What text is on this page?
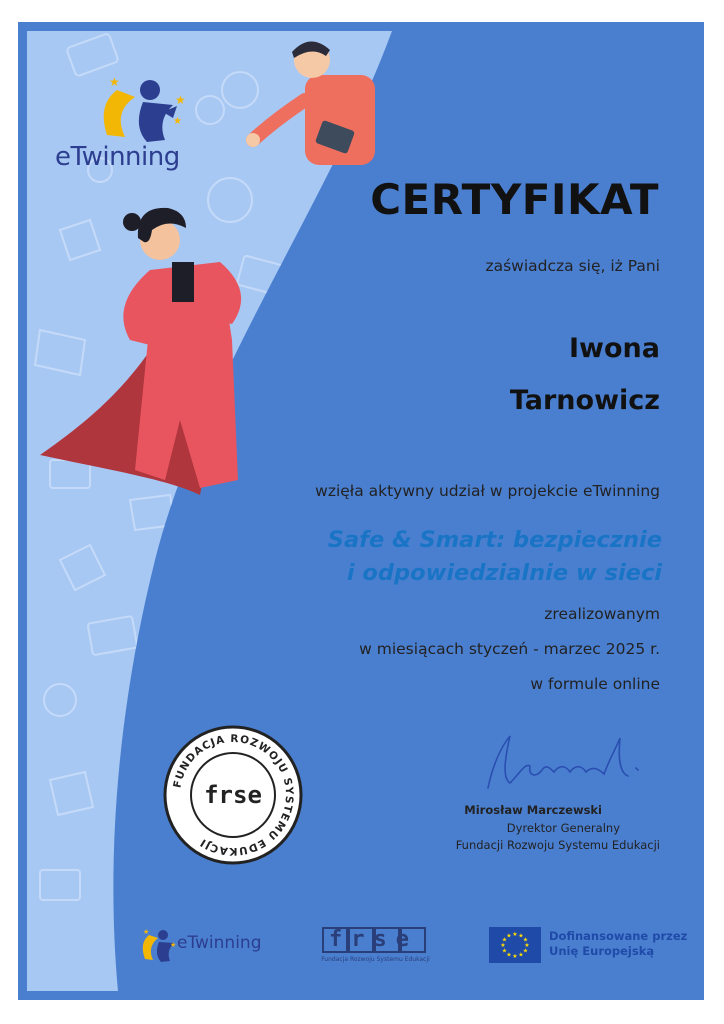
★
★
★
eTwinning
CERTYFIKAT
zaświadcza się, iż Pani
Iwona
Tarnowicz
wzięła aktywny udział w projekcie eTwinning
Safe & Smart: bezpiecznie
i odpowiedzialnie w sieci
zrealizowanym
w miesiącach styczeń - marzec 2025 r.
w formule online
FUNDACJA ROZWOJU SYSTEMU EDUKACJI
frse
Mirosław Marczewski
Dyrektor Generalny
Fundacji Rozwoju Systemu Edukacji
★
★ eTwinning	frse
Fundacja Rozwoju Systemu Edukacji
★ ★
★
★
★
★
★
★
★
★
★
★	Dofinansowane przez
Unię Europejską
